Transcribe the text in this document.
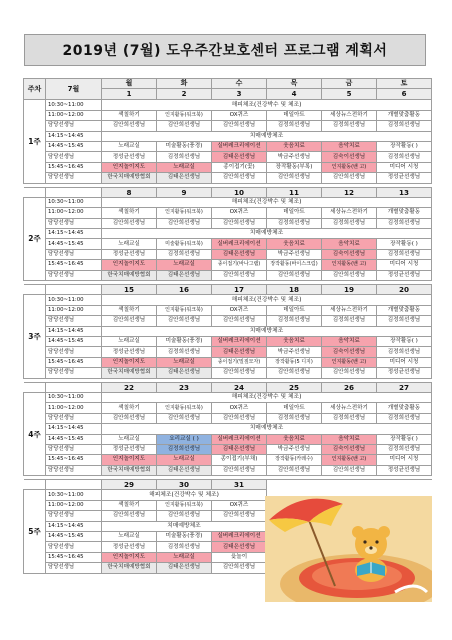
2019년 (7월) 도우주간보호센터 프로그램 계획서
주차	7월	월	화	수	목	금	토
		1	2	3	4	5	6
1주	10:30~11:00	해피체조(건강박수 및 체조)					
	11:00~12:00	색칠하기	인지활동(워크북)	OX퀴즈	데일아트	세상뉴스전하기	개별맞춤활동
	담당선생님	김안희선생님	김안희선생님	김안희선생님	김정희선생님	김정희선생님	김정희선생님
	14:15~14:45	치매예방체조					
	14:45~15:45	노래교실	미술활동(풍경)	실버레크리에이션	웃음치료	음악치료	장작활동( )
	담당선생님	정성균선생님	김정희선생님	김태은선생님	박금주선생님	김숙이선생님	김정희선생님
	15:45~16:45	인지놀이지도	노래교실	종이접기(꽃)	장작활동(부록)	인지활동(밴 고)	미디어 시청
	담당선생님	한국치매예방협회	김태은선생님	김안희선생님	김안희선생님	김안희선생님	정성균선생님

		8	9	10	11	12	13
2주	10:30~11:00	해피체조(건강박수 및 체조)					
	11:00~12:00	색칠하기	인지활동(워크북)	OX퀴즈	데일아트	세상뉴스전하기	개별맞춤활동
	담당선생님	김안희선생님	김안희선생님	김안희선생님	김정희선생님	김정희선생님	김정희선생님
	14:15~14:45	치매예방체조					
	14:45~15:45	노래교실	미술활동(워크북)	실버레크리에이션	웃음치료	음악치료	장작활동( )
	담당선생님	정성균선생님	김정희선생님	김태은선생님	박금주선생님	김숙이선생님	김정희선생님
	15:45~16:45	인지놀이지도	노래교실	종이접기(바나그램)	장작활동(바이스크림)	인지활동(밴 고)	미디어 시청
	담당선생님	한국치매예방협회	김태은선생님	김안희선생님	김안희선생님	김안희선생님	정성균선생님

		15	16	17	18	19	20
3주	10:30~11:00	해피체조(건강박수 및 체조)					
	11:00~12:00	색칠하기	인지활동(워크북)	OX퀴즈	데일아트	세상뉴스전하기	개별맞춤활동
	담당선생님	김안희선생님	김안희선생님	김안희선생님	김정희선생님	김정희선생님	김정희선생님
	14:15~14:45	치매예방체조					
	14:45~15:45	노래교실	미술활동(풍경)	실버레크리에이션	웃음치료	음악치료	장작활동( )
	담당선생님	정성균선생님	김정희선생님	김태은선생님	박금주선생님	김숙이선생님	김정희선생님
	15:45~16:45	인지놀이지도	노래교실	종이접기(밀짚모자)	장작활동(5 디지)	인지활동(밴 고)	미디어 시청
	담당선생님	한국치매예방협회	김태은선생님	김안희선생님	김안희선생님	김안희선생님	정성균선생님

		22	23	24	25	26	27
4주	10:30~11:00	해피체조(건강박수 및 체조)					
	11:00~12:00	색칠하기	인지활동(워크북)	OX퀴즈	데일아트	세상뉴스전하기	개별맞춤활동
	담당선생님	김안희선생님	김안희선생님	김안희선생님	김정희선생님	김정희선생님	김정희선생님
	14:15~14:45	치매예방체조					
	14:45~15:45	노래교실	요리교실 ( )	실버레크리에이션	웃음치료	음악치료	장작활동( )
	담당선생님	정성균선생님	김정희선생님	김태은선생님	박금주선생님	김숙이선생님	김정희선생님
	15:45~16:45	인지놀이지도	노래교실	종이접기(부채)	장작활동(카레수)	인지활동(밴 고)	미디어 시청
	담당선생님	한국치매예방협회	김태은선생님	김안희선생님	김안희선생님	김안희선생님	정성균선생님

		29	30	31			
5주	10:30~11:00	해피체조(건강박수 및 체조)					
	11:00~12:00	색칠하기	인지활동(워크북)	OX퀴즈			
	담당선생님	김안희선생님	김안희선생님	김안희선생님			
	14:15~14:45	치매예방체조					
	14:45~15:45	노래교실	미술활동(풍경)	실버레크리에이션			
	담당선생님	정성균선생님	김정희선생님	김태은선생님			
	15:45~16:45	인지놀이지도	노래교실	윷놀이			
	담당선생님	한국치매예방협회	김태은선생님	김안희선생님			
